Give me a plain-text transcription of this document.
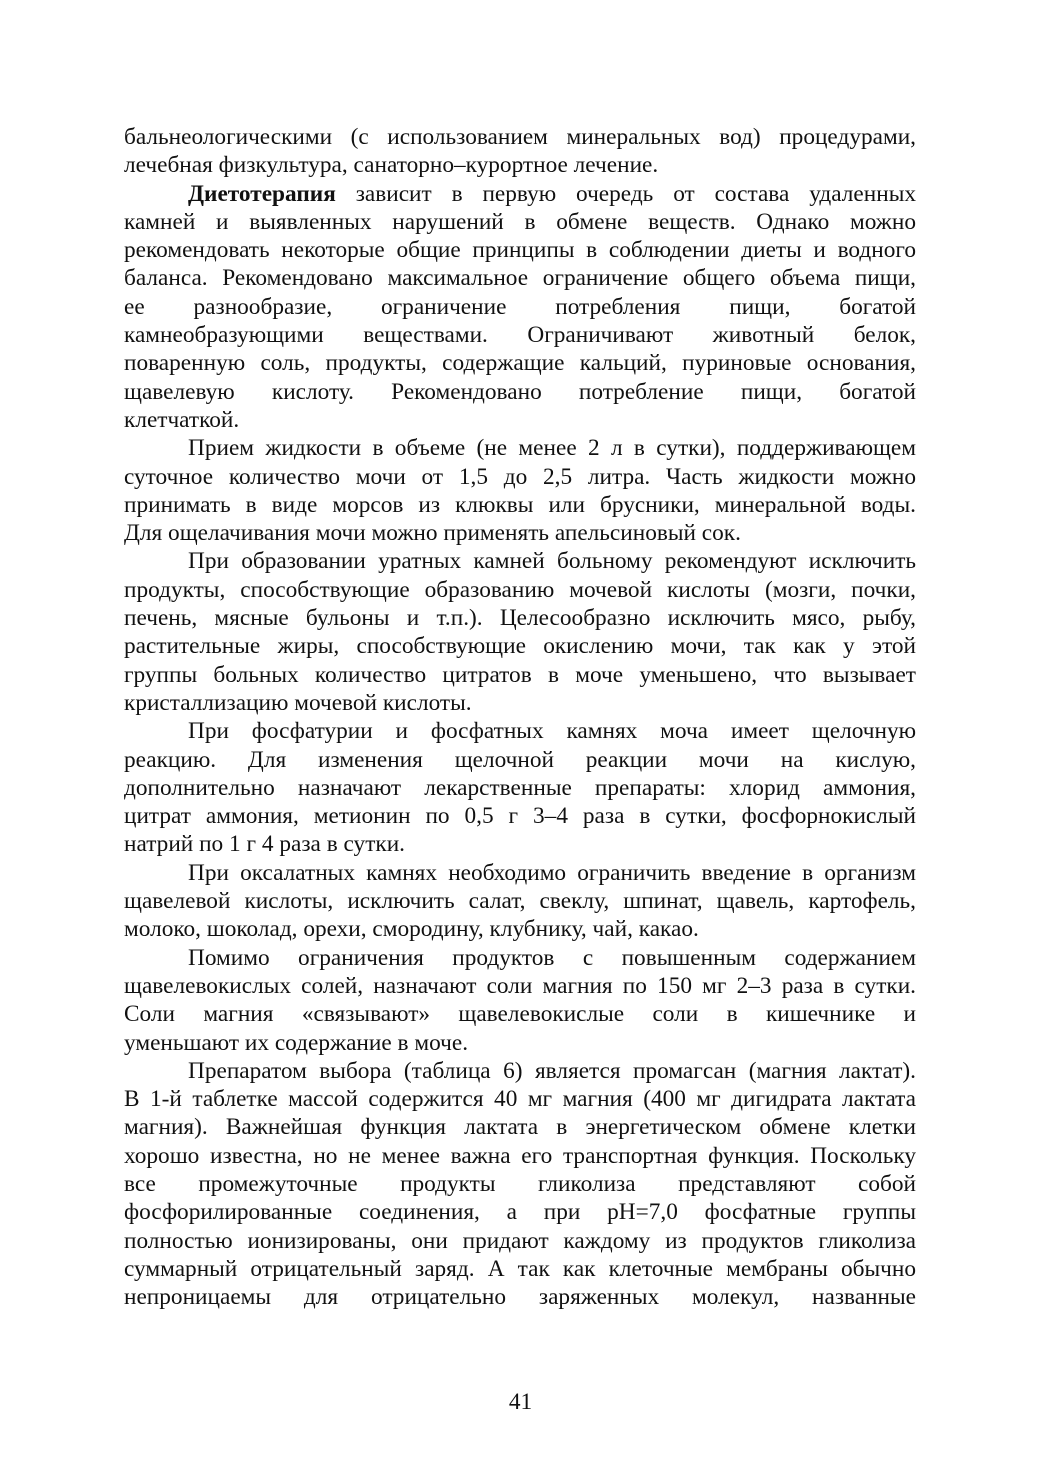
бальнеологическими (с использованием минеральных вод) процедурами,
лечебная физкультура, санаторно–курортное лечение.

Диетотерапия зависит в первую очередь от состава удаленных
камней и выявленных нарушений в обмене веществ. Однако можно
рекомендовать некоторые общие принципы в соблюдении диеты и водного
баланса. Рекомендовано максимальное ограничение общего объема пищи,
ее разнообразие, ограничение потребления пищи, богатой
камнеобразующими веществами. Ограничивают животный белок,
поваренную соль, продукты, содержащие кальций, пуриновые основания,
щавелевую кислоту. Рекомендовано потребление пищи, богатой
клетчаткой.

Прием жидкости в объеме (не менее 2 л в сутки), поддерживающем
суточное количество мочи от 1,5 до 2,5 литра. Часть жидкости можно
принимать в виде морсов из клюквы или брусники, минеральной воды.
Для ощелачивания мочи можно применять апельсиновый сок.

При образовании уратных камней больному рекомендуют исключить
продукты, способствующие образованию мочевой кислоты (мозги, почки,
печень, мясные бульоны и т.п.). Целесообразно исключить мясо, рыбу,
растительные жиры, способствующие окислению мочи, так как у этой
группы больных количество цитратов в моче уменьшено, что вызывает
кристаллизацию мочевой кислоты.

При фосфатурии и фосфатных камнях моча имеет щелочную
реакцию. Для изменения щелочной реакции мочи на кислую,
дополнительно назначают лекарственные препараты: хлорид аммония,
цитрат аммония, метионин по 0,5 г 3–4 раза в сутки, фосфорнокислый
натрий по 1 г 4 раза в сутки.

При оксалатных камнях необходимо ограничить введение в организм
щавелевой кислоты, исключить салат, свеклу, шпинат, щавель, картофель,
молоко, шоколад, орехи, смородину, клубнику, чай, какао.

Помимо ограничения продуктов с повышенным содержанием
щавелевокислых солей, назначают соли магния по 150 мг 2–3 раза в сутки.
Соли магния «связывают» щавелевокислые соли в кишечнике и
уменьшают их содержание в моче.

Препаратом выбора (таблица 6) является промагсан (магния лактат).
В 1-й таблетке массой содержится 40 мг магния (400 мг дигидрата лактата
магния). Важнейшая функция лактата в энергетическом обмене клетки
хорошо известна, но не менее важна его транспортная функция. Поскольку
все промежуточные продукты гликолиза представляют собой
фосфорилированные соединения, а при pH=7,0 фосфатные группы
полностью ионизированы, они придают каждому из продуктов гликолиза
суммарный отрицательный заряд. А так как клеточные мембраны обычно
непроницаемы для отрицательно заряженных молекул, названные

41
